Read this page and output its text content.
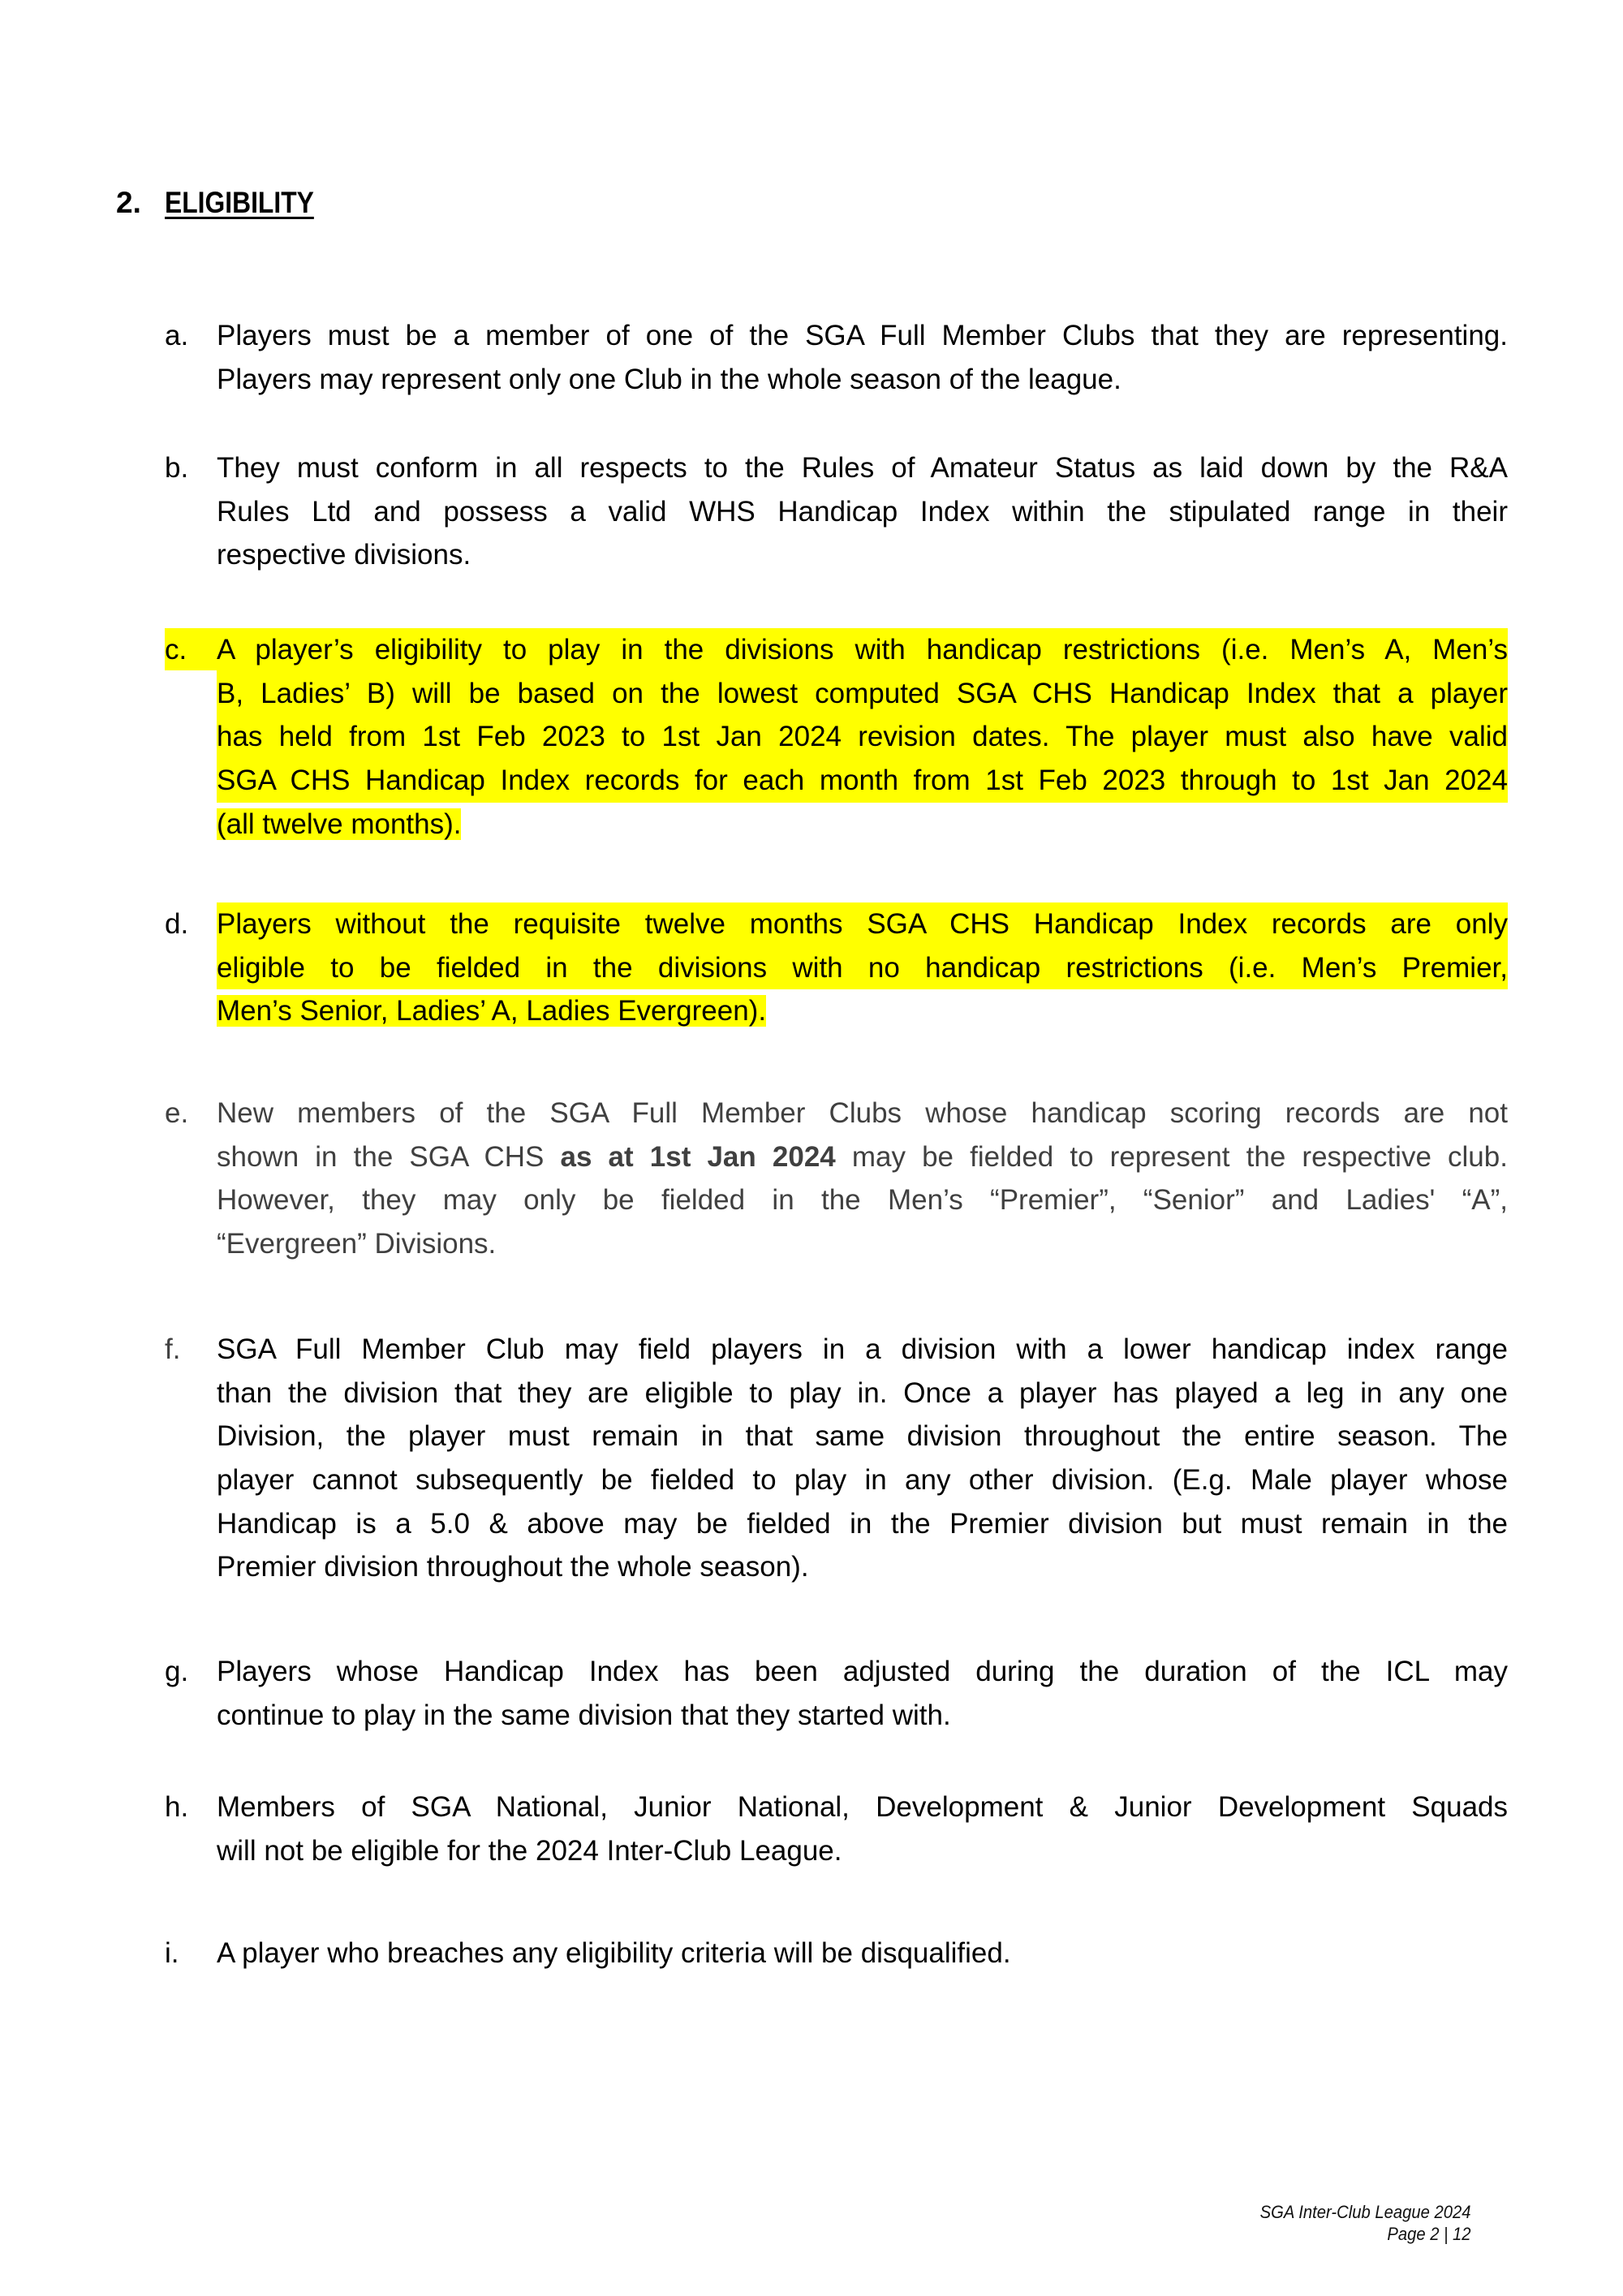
2. ELIGIBILITY
a. Players must be a member of one of the SGA Full Member Clubs that they are representing.
Players may represent only one Club in the whole season of the league.
b. They must conform in all respects to the Rules of Amateur Status as laid down by the R&A
Rules Ltd and possess a valid WHS Handicap Index within the stipulated range in their
respective divisions.
c.	A player’s eligibility to play in the divisions with handicap restrictions (i.e. Men’s A, Men’s
B, Ladies’ B) will be based on the lowest computed SGA CHS Handicap Index that a player
has held from 1st Feb 2023 to 1st Jan 2024 revision dates. The player must also have valid
SGA CHS Handicap Index records for each month from 1st Feb 2023 through to 1st Jan 2024
(all twelve months).
d. Players without the requisite twelve months SGA CHS Handicap Index records are only
eligible to be fielded in the divisions with no handicap restrictions (i.e. Men’s Premier,
Men’s Senior, Ladies’ A, Ladies Evergreen).
e. New members of the SGA Full Member Clubs whose handicap scoring records are not
shown in the SGA CHS as at 1st Jan 2024 may be fielded to represent the respective club.
However, they may only be fielded in the Men’s “Premier”, “Senior” and Ladies' “A”,
“Evergreen” Divisions.
f.	SGA Full Member Club may field players in a division with a lower handicap index range
than the division that they are eligible to play in. Once a player has played a leg in any one
Division, the player must remain in that same division throughout the entire season. The
player cannot subsequently be fielded to play in any other division. (E.g. Male player whose
Handicap is a 5.0 & above may be fielded in the Premier division but must remain in the
Premier division throughout the whole season).
g. Players whose Handicap Index has been adjusted during the duration of the ICL may
continue to play in the same division that they started with.
h. Members of SGA National, Junior National, Development & Junior Development Squads
will not be eligible for the 2024 Inter-Club League.
i.	A player who breaches any eligibility criteria will be disqualified.
SGA Inter-Club League 2024
Page 2 | 12
